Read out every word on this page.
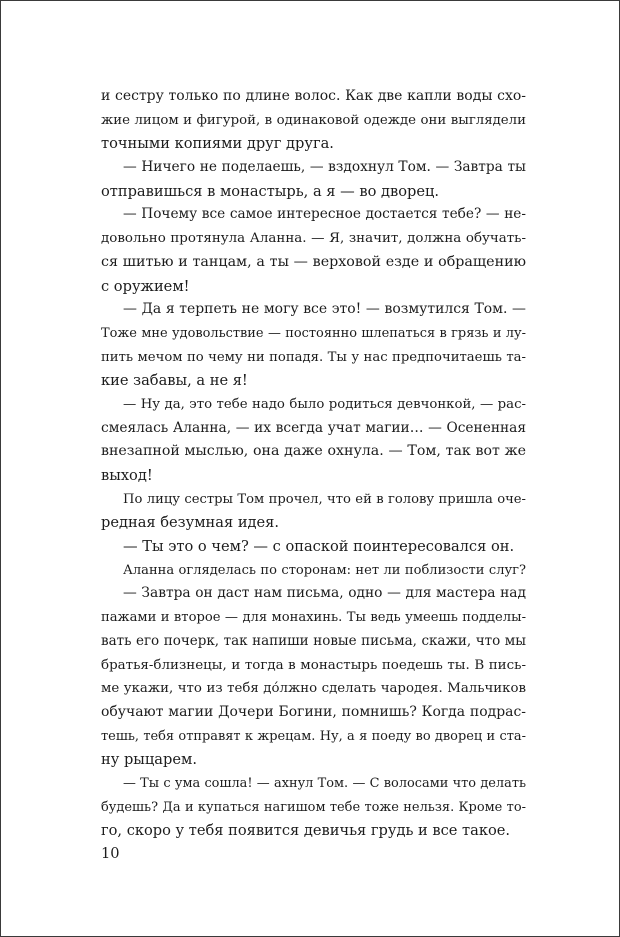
и сестру только по длине волос. Как две капли воды схо-
жие лицом и фигурой, в одинаковой одежде они выглядели
точными копиями друг друга.
— Ничего не поделаешь, — вздохнул Том. — Завтра ты
отправишься в монастырь, а я — во дворец.
— Почему все самое интересное достается тебе? — не-
довольно протянула Аланна. — Я, значит, должна обучать-
ся шитью и танцам, а ты — верховой езде и обращению
с оружием!
— Да я терпеть не могу все это! — возмутился Том. —
Тоже мне удовольствие — постоянно шлепаться в грязь и лу-
пить мечом по чему ни попадя. Ты у нас предпочитаешь та-
кие забавы, а не я!
— Ну да, это тебе надо было родиться девчонкой, — рас-
смеялась Аланна, — их всегда учат магии… — Осененная
внезапной мыслью, она даже охнула. — Том, так вот же
выход!
По лицу сестры Том прочел, что ей в голову пришла оче-
редная безумная идея.
— Ты это о чем? — с опаской поинтересовался он.
Аланна огляделась по сторонам: нет ли поблизости слуг?
— Завтра он даст нам письма, одно — для мастера над
пажами и второе — для монахинь. Ты ведь умеешь подделы-
вать его почерк, так напиши новые письма, скажи, что мы
братья-близнецы, и тогда в монастырь поедешь ты. В пись-
ме укажи, что из тебя до́лжно сделать чародея. Мальчиков
обучают магии Дочери Богини, помнишь? Когда подрас-
тешь, тебя отправят к жрецам. Ну, а я поеду во дворец и ста-
ну рыцарем.
— Ты с ума сошла! — ахнул Том. — С волосами что делать
будешь? Да и купаться нагишом тебе тоже нельзя. Кроме то-
го, скоро у тебя появится девичья грудь и все такое.
10
